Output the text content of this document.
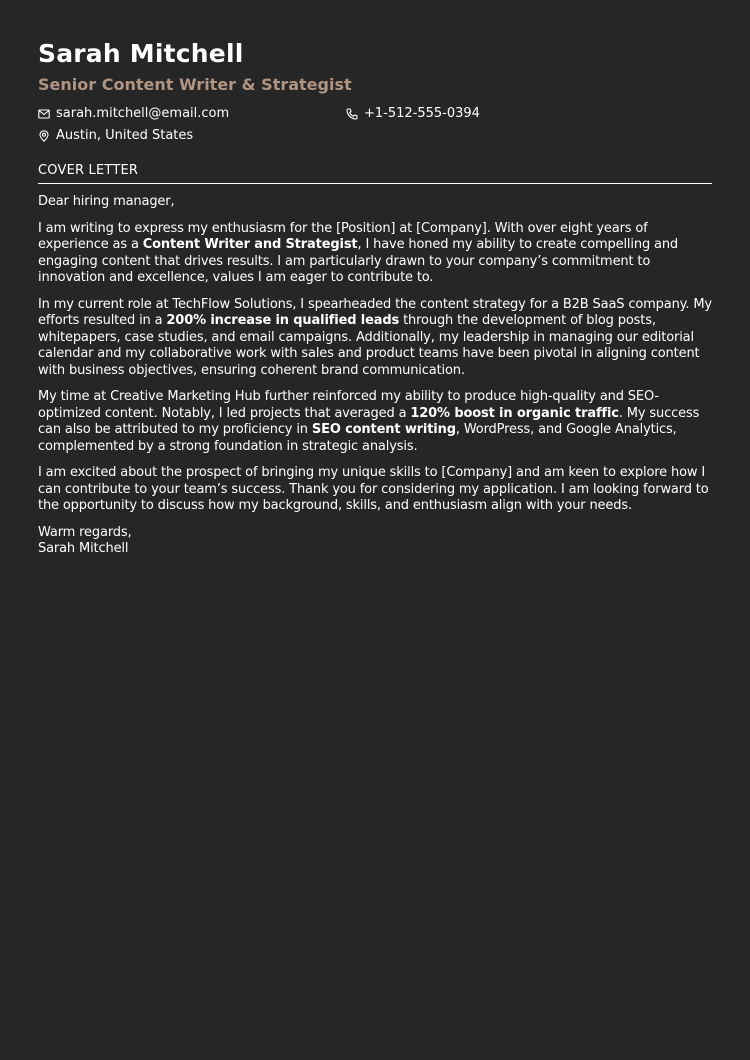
Sarah Mitchell
Senior Content Writer & Strategist
sarah.mitchell@email.com	+1-512-555-0394
Austin, United States
COVER LETTER

Dear hiring manager,

I am writing to express my enthusiasm for the [Position] at [Company]. With over eight years of experience as a Content Writer and Strategist, I have honed my ability to create compelling and engaging content that drives results. I am particularly drawn to your company’s commitment to innovation and excellence, values I am eager to contribute to.

In my current role at TechFlow Solutions, I spearheaded the content strategy for a B2B SaaS company. My efforts resulted in a 200% increase in qualified leads through the development of blog posts, whitepapers, case studies, and email campaigns. Additionally, my leadership in managing our editorial calendar and my collaborative work with sales and product teams have been pivotal in aligning content with business objectives, ensuring coherent brand communication.

My time at Creative Marketing Hub further reinforced my ability to produce high-quality and SEO-optimized content. Notably, I led projects that averaged a 120% boost in organic traffic. My success can also be attributed to my proficiency in SEO content writing, WordPress, and Google Analytics, complemented by a strong foundation in strategic analysis.

I am excited about the prospect of bringing my unique skills to [Company] and am keen to explore how I can contribute to your team’s success. Thank you for considering my application. I am looking forward to the opportunity to discuss how my background, skills, and enthusiasm align with your needs.

Warm regards,
Sarah Mitchell
